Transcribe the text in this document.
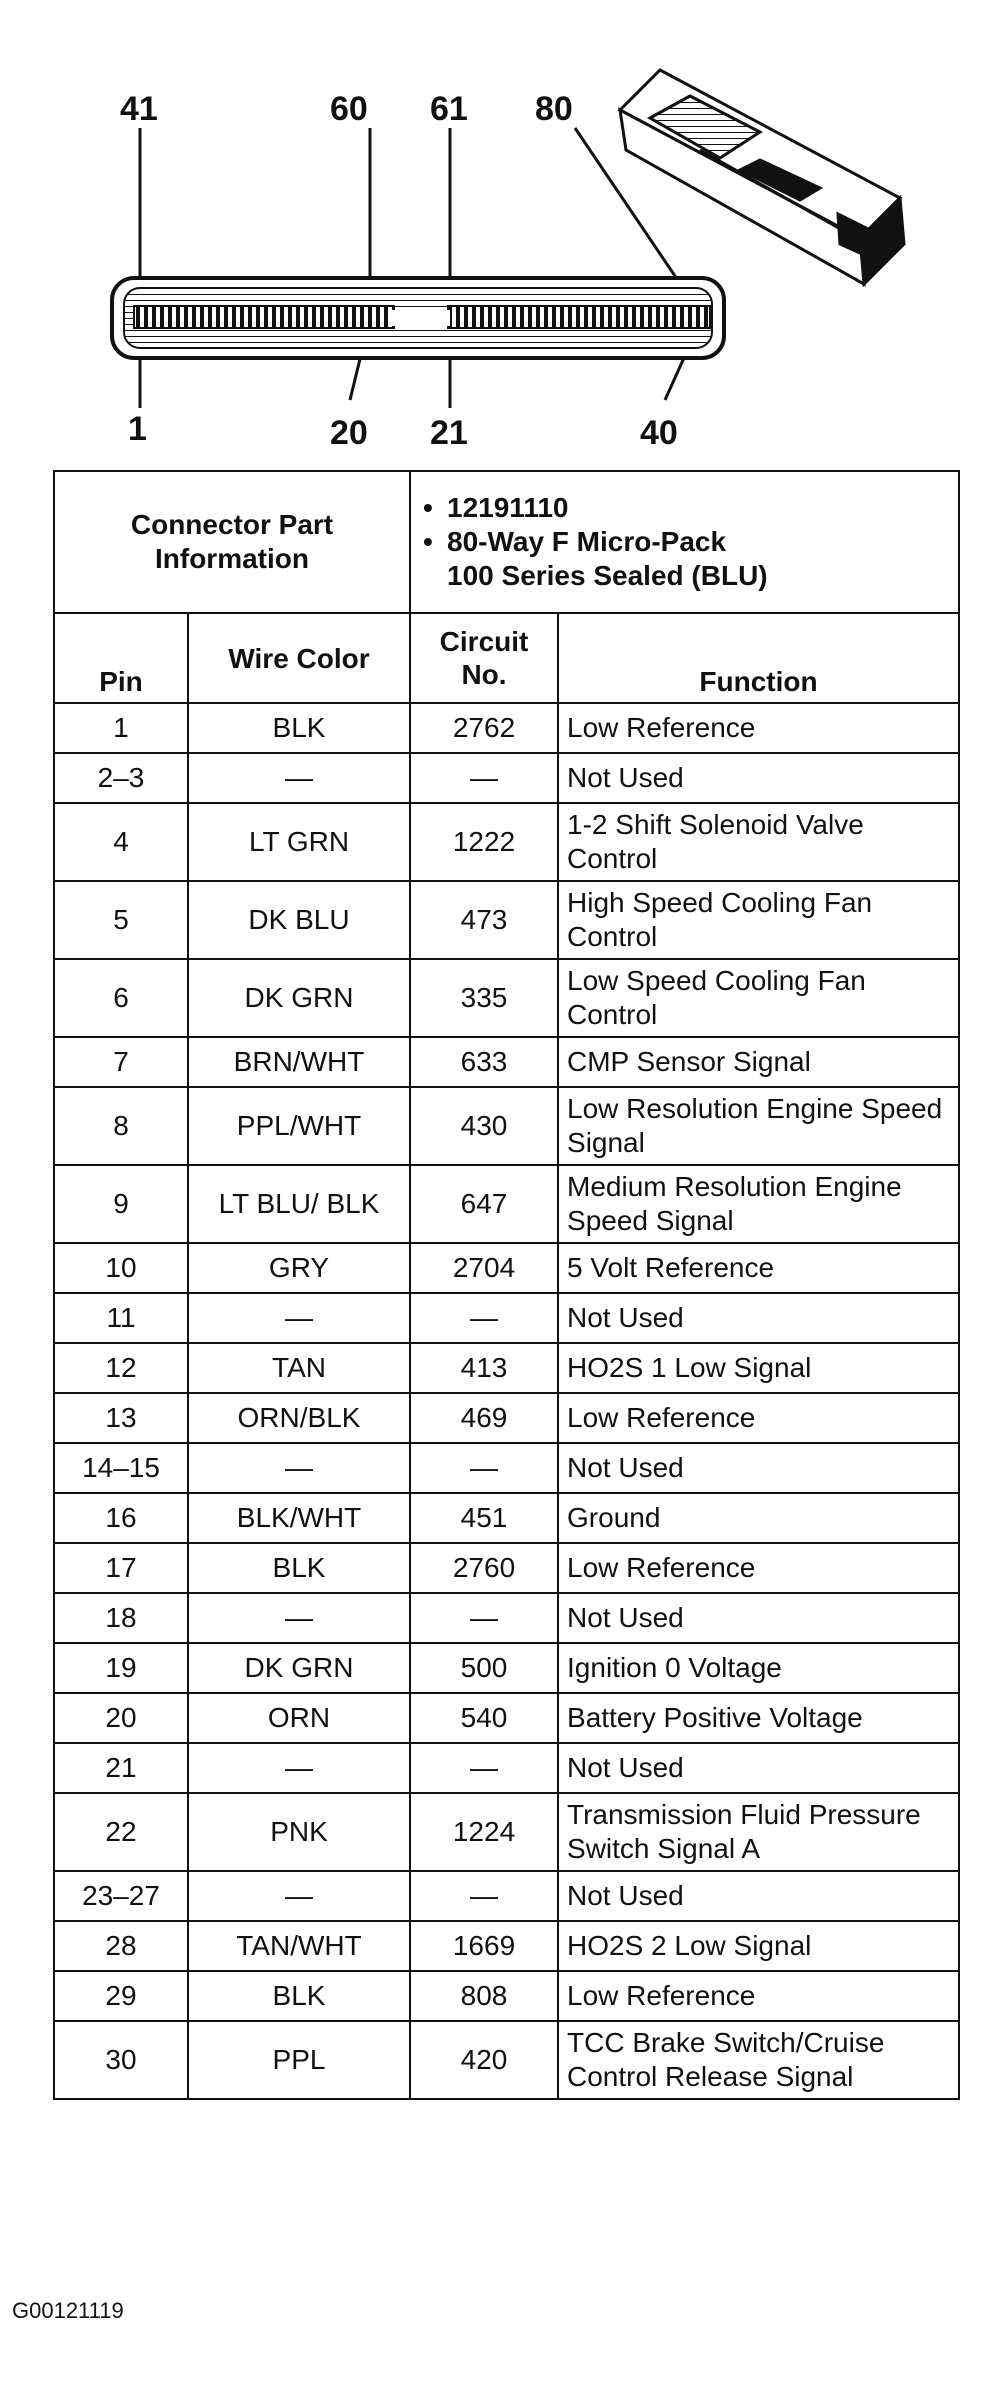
41	60 61 80
1	20 21	40
Connector Part Information		• 12191110
• 80-Way F Micro-Pack
100 Series Sealed (BLU)

Pin	Wire Color	Circuit No.	Function
1	BLK	2762	Low Reference
2–3	—	—	Not Used
4	LT GRN	1222	1-2 Shift Solenoid Valve Control
5	DK BLU	473	High Speed Cooling Fan Control
6	DK GRN	335	Low Speed Cooling Fan Control
7	BRN/WHT	633	CMP Sensor Signal
8	PPL/WHT	430	Low Resolution Engine Speed Signal
9	LT BLU/ BLK	647	Medium Resolution Engine Speed Signal
10	GRY	2704	5 Volt Reference
11	—	—	Not Used
12	TAN	413	HO2S 1 Low Signal
13	ORN/BLK	469	Low Reference
14–15	—	—	Not Used
16	BLK/WHT	451	Ground
17	BLK	2760	Low Reference
18	—	—	Not Used
19	DK GRN	500	Ignition 0 Voltage
20	ORN	540	Battery Positive Voltage
21	—	—	Not Used
22	PNK	1224	Transmission Fluid Pressure Switch Signal A
23–27	—	—	Not Used
28	TAN/WHT	1669	HO2S 2 Low Signal
29	BLK	808	Low Reference
30	PPL	420	TCC Brake Switch/Cruise Control Release Signal
G00121119
